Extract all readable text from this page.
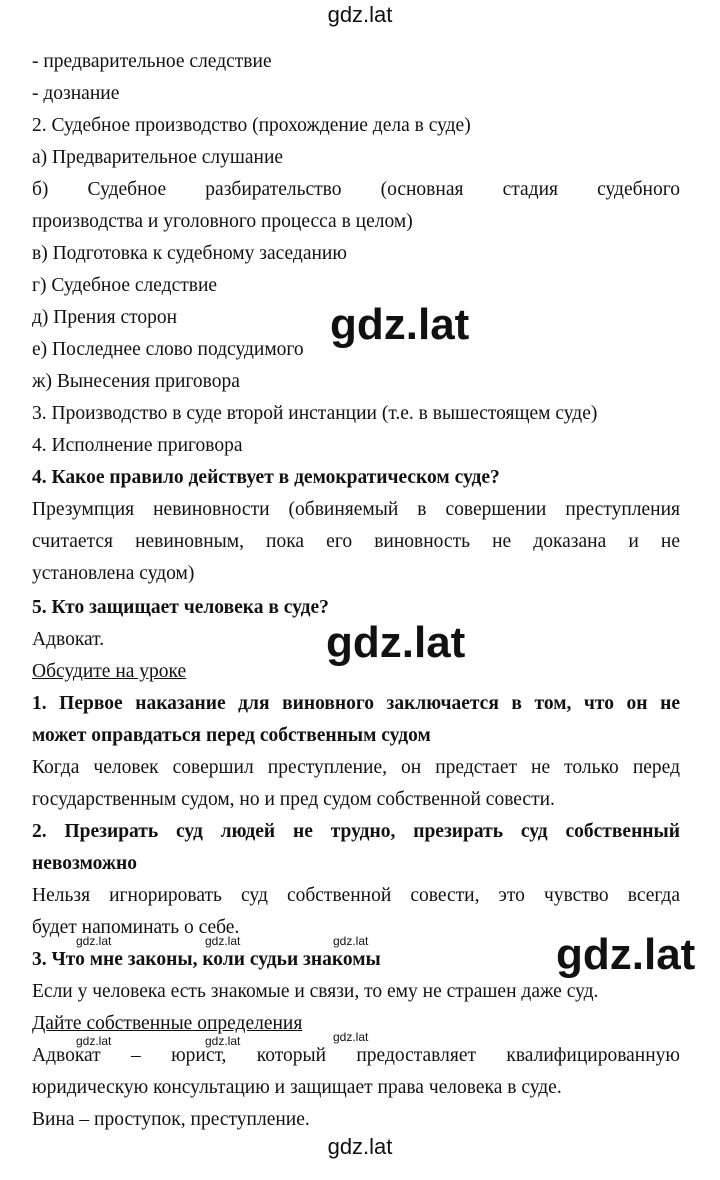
gdz.lat
- предварительное следствие
- дознание
2. Судебное производство (прохождение дела в суде)
а) Предварительное слушание
б) Судебное разбирательство (основная стадия судебного
производства и уголовного процесса в целом)
в) Подготовка к судебному заседанию
г) Судебное следствие
д) Прения сторон
е) Последнее слово подсудимого
ж) Вынесения приговора
3. Производство в суде второй инстанции (т.е. в вышестоящем суде)
4. Исполнение приговора
4. Какое правило действует в демократическом суде?
Презумпция невиновности (обвиняемый в совершении преступления
считается невиновным, пока его виновность не доказана и не
установлена судом)
5. Кто защищает человека в суде?
Адвокат.
Обсудите на уроке
1. Первое наказание для виновного заключается в том, что он не
может оправдаться перед собственным судом
Когда человек совершил преступление, он предстает не только перед
государственным судом, но и пред судом собственной совести.
2. Презирать суд людей не трудно, презирать суд собственный
невозможно
Нельзя игнорировать суд собственной совести, это чувство всегда
будет напоминать о себе.
3. Что мне законы, коли судьи знакомы
Если у человека есть знакомые и связи, то ему не страшен даже суд.
Дайте собственные определения
Адвокат – юрист, который предоставляет квалифицированную
юридическую консультацию и защищает права человека в суде.
Вина – проступок, преступление.
gdz.lat
gdz.lat
gdz.lat
gdz.lat	gdz.lat	gdz.lat
gdz.lat	gdz.lat	gdz.lat
gdz.lat
